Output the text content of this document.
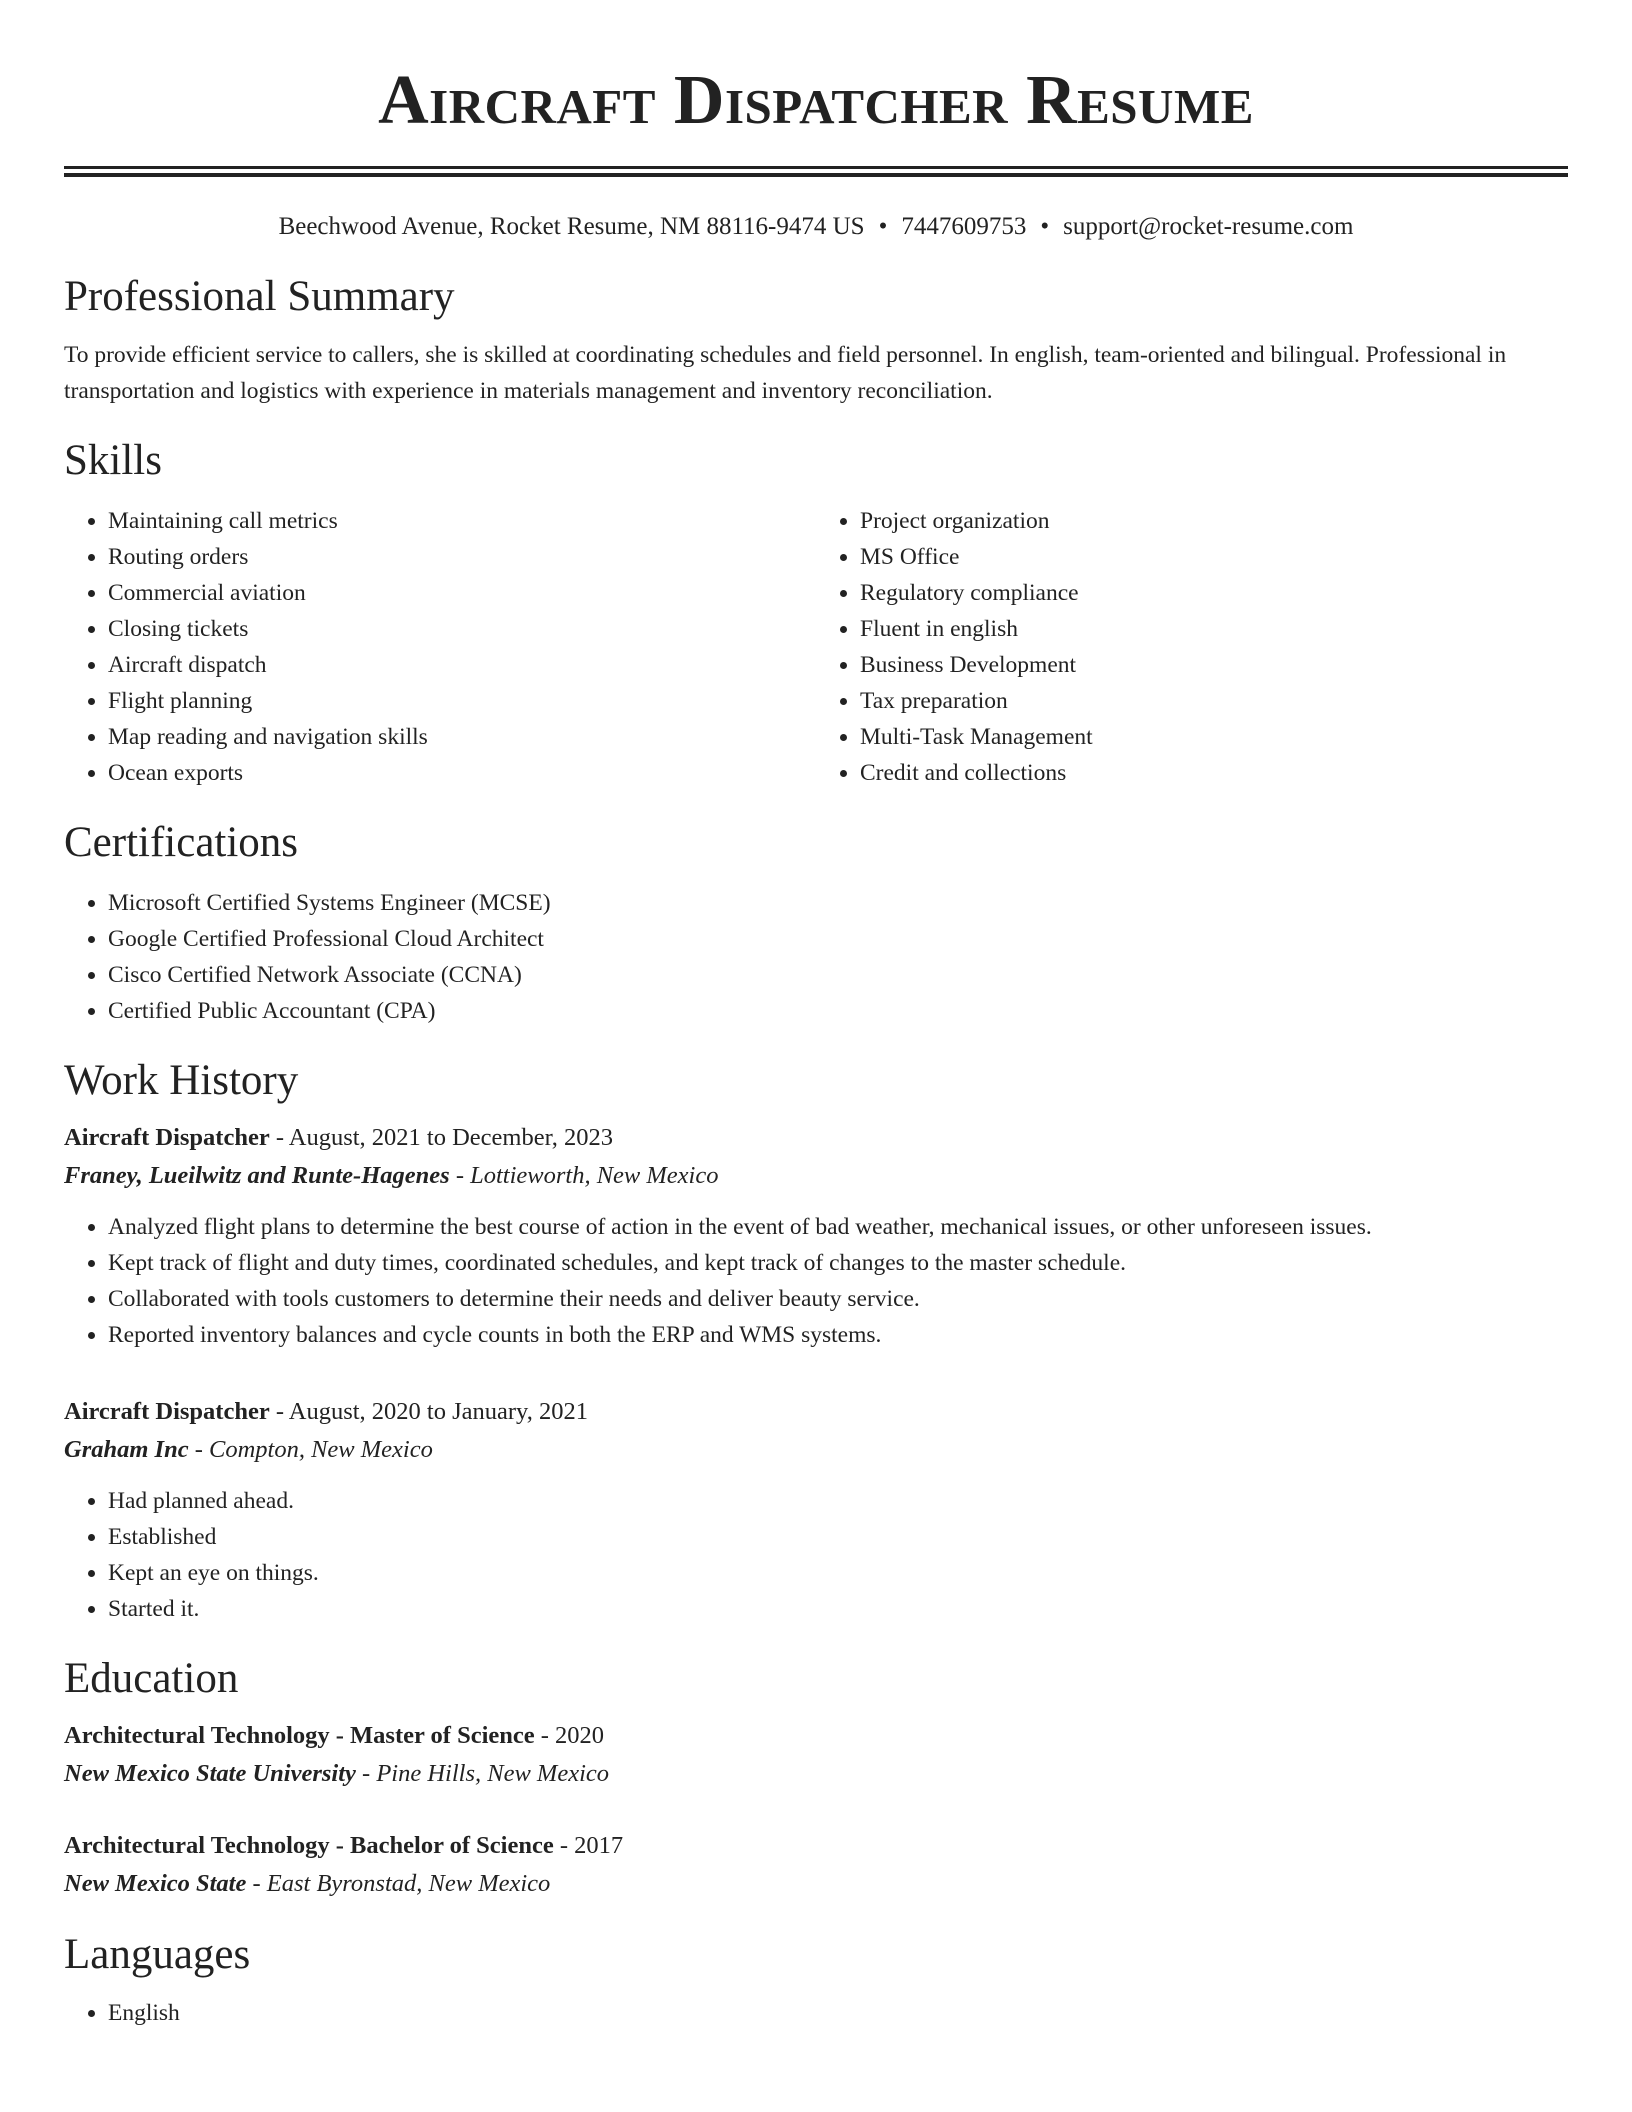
Aircraft Dispatcher Resume
Beechwood Avenue, Rocket Resume, NM 88116-9474 US • 7447609753 • support@rocket-resume.com
Professional Summary

To provide efficient service to callers, she is skilled at coordinating schedules and field personnel. In english, team-oriented and bilingual. Professional in transportation and logistics with experience in materials management and inventory reconciliation.

Skills
• Maintaining call metrics
• Routing orders
• Commercial aviation
• Closing tickets
• Aircraft dispatch
• Flight planning
• Map reading and navigation skills
• Ocean exports
• Project organization
• MS Office
• Regulatory compliance
• Fluent in english
• Business Development
• Tax preparation
• Multi-Task Management
• Credit and collections
Certifications
• Microsoft Certified Systems Engineer (MCSE)
• Google Certified Professional Cloud Architect
• Cisco Certified Network Associate (CCNA)
• Certified Public Accountant (CPA)
Work History
Aircraft Dispatcher - August, 2021 to December, 2023
Franey, Lueilwitz and Runte-Hagenes - Lottieworth, New Mexico
• Analyzed flight plans to determine the best course of action in the event of bad weather, mechanical issues, or other unforeseen issues.
• Kept track of flight and duty times, coordinated schedules, and kept track of changes to the master schedule.
• Collaborated with tools customers to determine their needs and deliver beauty service.
• Reported inventory balances and cycle counts in both the ERP and WMS systems.
Aircraft Dispatcher - August, 2020 to January, 2021
Graham Inc - Compton, New Mexico
• Had planned ahead.
• Established
• Kept an eye on things.
• Started it.
Education
Architectural Technology - Master of Science - 2020
New Mexico State University - Pine Hills, New Mexico
Architectural Technology - Bachelor of Science - 2017
New Mexico State - East Byronstad, New Mexico
Languages
• English
